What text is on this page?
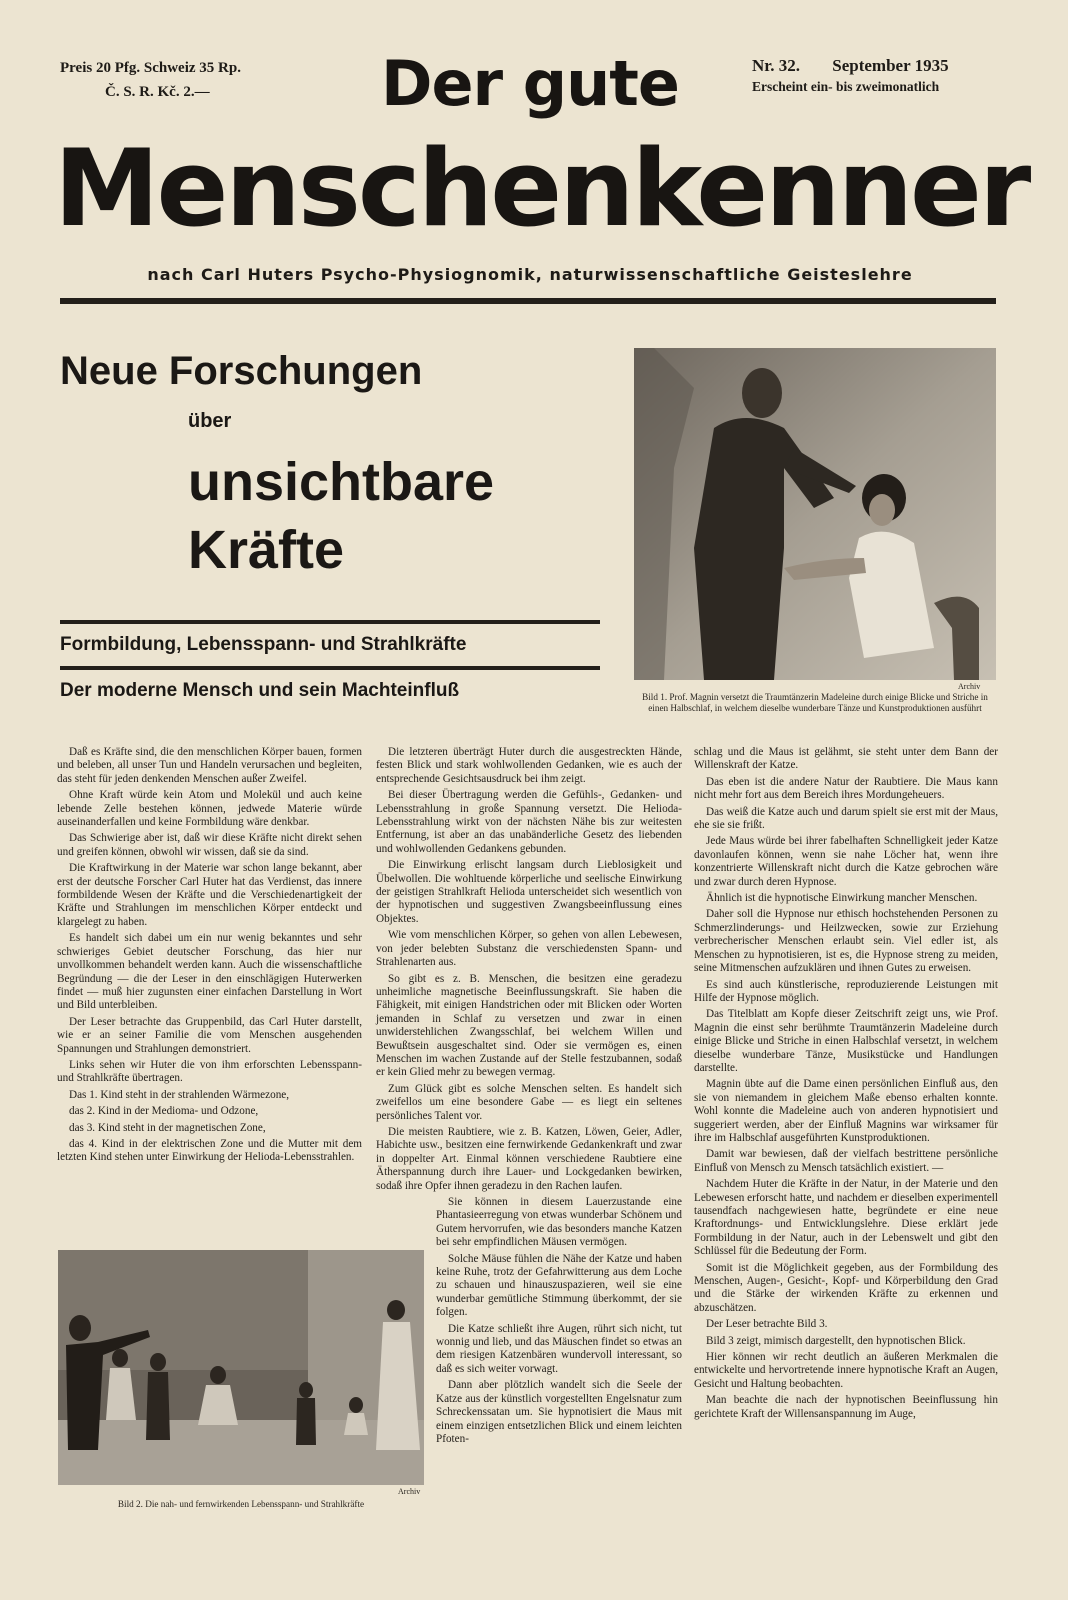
Preis 20 Pfg. Schweiz 35 Rp.
Č. S. R. Kč. 2.—
Nr. 32. September 1935
Erscheint ein- bis zweimonatlich
Der gute
Menschenkenner
nach Carl Huters Psycho-Physiognomik, naturwissenschaftliche Geisteslehre
Neue Forschungen
über
unsichtbare
Kräfte
Formbildung, Lebensspann- und Strahlkräfte
Der moderne Mensch und sein Machteinfluß	Archiv
Bild 1. Prof. Magnin versetzt die Traumtänzerin Madeleine durch einige Blicke und Striche in einen Halbschlaf, in welchem dieselbe wunderbare Tänze und Kunstproduktionen ausführt

Daß es Kräfte sind, die den menschlichen Körper bauen, formen und beleben, all unser Tun und Handeln verursachen und begleiten, das steht für jeden denkenden Menschen außer Zweifel.

Ohne Kraft würde kein Atom und Molekül und auch keine lebende Zelle bestehen können, jedwede Materie würde auseinanderfallen und keine Formbildung wäre denkbar.

Das Schwierige aber ist, daß wir diese Kräfte nicht direkt sehen und greifen können, obwohl wir wissen, daß sie da sind.

Die Kraftwirkung in der Materie war schon lange bekannt, aber erst der deutsche Forscher Carl Huter hat das Verdienst, das innere formbildende Wesen der Kräfte und die Verschiedenartigkeit der Kräfte und Strahlungen im menschlichen Körper entdeckt und klargelegt zu haben.

Es handelt sich dabei um ein nur wenig bekanntes und sehr schwieriges Gebiet deutscher Forschung, das hier nur unvollkommen behandelt werden kann. Auch die wissenschaftliche Begründung — die der Leser in den einschlägigen Huterwerken findet — muß hier zugunsten einer einfachen Darstellung in Wort und Bild unterbleiben.

Der Leser betrachte das Gruppenbild, das Carl Huter darstellt, wie er an seiner Familie die vom Menschen ausgehenden Spannungen und Strahlungen demonstriert.

Links sehen wir Huter die von ihm erforschten Lebensspann- und Strahlkräfte übertragen.

Das 1. Kind steht in der strahlenden Wärmezone,

das 2. Kind in der Medioma- und Odzone,

das 3. Kind steht in der magnetischen Zone,

das 4. Kind in der elektrischen Zone und die Mutter mit dem letzten Kind stehen unter Einwirkung der Helioda-Lebensstrahlen.

Archiv
Bild 2. Die nah- und fernwirkenden Lebensspann- und Strahlkräfte

Die letzteren überträgt Huter durch die ausgestreckten Hände, festen Blick und stark wohlwollenden Gedanken, wie es auch der entsprechende Gesichtsausdruck bei ihm zeigt.

Bei dieser Übertragung werden die Gefühls-, Gedanken- und Lebensstrahlung in große Spannung versetzt. Die Helioda-Lebensstrahlung wirkt von der nächsten Nähe bis zur weitesten Entfernung, ist aber an das unabänderliche Gesetz des liebenden und wohlwollenden Gedankens gebunden.

Die Einwirkung erlischt langsam durch Lieblosigkeit und Übelwollen. Die wohltuende körperliche und seelische Einwirkung der geistigen Strahlkraft Helioda unterscheidet sich wesentlich von der hypnotischen und suggestiven Zwangsbeeinflussung eines Objektes.

Wie vom menschlichen Körper, so gehen von allen Lebewesen, von jeder belebten Substanz die verschiedensten Spann- und Strahlenarten aus.

So gibt es z. B. Menschen, die besitzen eine geradezu unheimliche magnetische Beeinflussungskraft. Sie haben die Fähigkeit, mit einigen Handstrichen oder mit Blicken oder Worten jemanden in Schlaf zu versetzen und zwar in einen unwiderstehlichen Zwangsschlaf, bei welchem Willen und Bewußtsein ausgeschaltet sind. Oder sie vermögen es, einen Menschen im wachen Zustande auf der Stelle festzubannen, sodaß er kein Glied mehr zu bewegen vermag.

Zum Glück gibt es solche Menschen selten. Es handelt sich zweifellos um eine besondere Gabe — es liegt ein seltenes persönliches Talent vor.

Die meisten Raubtiere, wie z. B. Katzen, Löwen, Geier, Adler, Habichte usw., besitzen eine fernwirkende Gedankenkraft und zwar in doppelter Art. Einmal können verschiedene Raubtiere eine Ätherspannung durch ihre Lauer- und Lockgedanken bewirken, sodaß ihre Opfer ihnen geradezu in den Rachen laufen.

Sie können in diesem Lauerzustande eine Phantasieerregung von etwas wunderbar Schönem und Gutem hervorrufen, wie das besonders manche Katzen bei sehr empfindlichen Mäusen vermögen.

Solche Mäuse fühlen die Nähe der Katze und haben keine Ruhe, trotz der Gefahrwitterung aus dem Loche zu schauen und hinauszuspazieren, weil sie eine wunderbar gemütliche Stimmung überkommt, der sie folgen.

Die Katze schließt ihre Augen, rührt sich nicht, tut wonnig und lieb, und das Mäuschen findet so etwas an dem riesigen Katzenbären wundervoll interessant, so daß es sich weiter vorwagt.

Dann aber plötzlich wandelt sich die Seele der Katze aus der künstlich vorgestellten Engelsnatur zum Schreckenssatan um. Sie hypnotisiert die Maus mit einem einzigen entsetzlichen Blick und einem leichten Pfoten-

schlag und die Maus ist gelähmt, sie steht unter dem Bann der Willenskraft der Katze.

Das eben ist die andere Natur der Raubtiere. Die Maus kann nicht mehr fort aus dem Bereich ihres Mordungeheuers.

Das weiß die Katze auch und darum spielt sie erst mit der Maus, ehe sie sie frißt.

Jede Maus würde bei ihrer fabelhaften Schnelligkeit jeder Katze davonlaufen können, wenn sie nahe Löcher hat, wenn ihre konzentrierte Willenskraft nicht durch die Katze gebrochen wäre und zwar durch deren Hypnose.

Ähnlich ist die hypnotische Einwirkung mancher Menschen.

Daher soll die Hypnose nur ethisch hochstehenden Personen zu Schmerzlinderungs- und Heilzwecken, sowie zur Erziehung verbrecherischer Menschen erlaubt sein. Viel edler ist, als Menschen zu hypnotisieren, ist es, die Hypnose streng zu meiden, seine Mitmenschen aufzuklären und ihnen Gutes zu erweisen.

Es sind auch künstlerische, reproduzierende Leistungen mit Hilfe der Hypnose möglich.

Das Titelblatt am Kopfe dieser Zeitschrift zeigt uns, wie Prof. Magnin die einst sehr berühmte Traumtänzerin Madeleine durch einige Blicke und Striche in einen Halbschlaf versetzt, in welchem dieselbe wunderbare Tänze, Musikstücke und Handlungen darstellte.

Magnin übte auf die Dame einen persönlichen Einfluß aus, den sie von niemandem in gleichem Maße ebenso erhalten konnte. Wohl konnte die Madeleine auch von anderen hypnotisiert und suggeriert werden, aber der Einfluß Magnins war wirksamer für ihre im Halbschlaf ausgeführten Kunstproduktionen.

Damit war bewiesen, daß der vielfach bestrittene persönliche Einfluß von Mensch zu Mensch tatsächlich existiert. —

Nachdem Huter die Kräfte in der Natur, in der Materie und den Lebewesen erforscht hatte, und nachdem er dieselben experimentell tausendfach nachgewiesen hatte, begründete er eine neue Kraftordnungs- und Entwicklungslehre. Diese erklärt jede Formbildung in der Natur, auch in der Lebenswelt und gibt den Schlüssel für die Bedeutung der Form.

Somit ist die Möglichkeit gegeben, aus der Formbildung des Menschen, Augen-, Gesicht-, Kopf- und Körperbildung den Grad und die Stärke der wirkenden Kräfte zu erkennen und abzuschätzen.

Der Leser betrachte Bild 3.

Bild 3 zeigt, mimisch dargestellt, den hypnotischen Blick.

Hier können wir recht deutlich an äußeren Merkmalen die entwickelte und hervortretende innere hypnotische Kraft an Augen, Gesicht und Haltung beobachten.

Man beachte die nach der hypnotischen Beeinflussung hin gerichtete Kraft der Willensanspannung im Auge,
